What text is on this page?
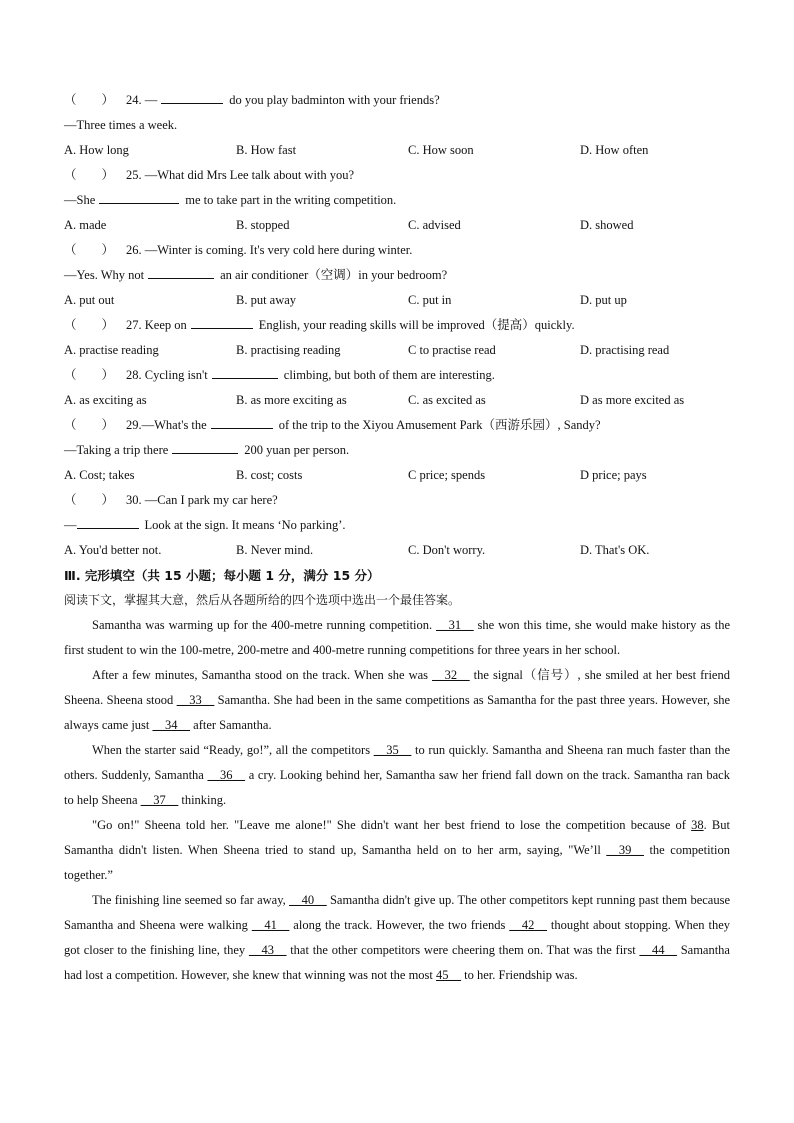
（　　） 24. —	do you play badminton with your friends?
—Three times a week.
A. How long	B. How fast	C. How soon	D. How often
（　　） 25. —What did Mrs Lee talk about with you?
—She	me to take part in the writing competition.
A. made	B. stopped	C. advised	D. showed
（　　） 26. —Winter is coming. It's very cold here during winter.
—Yes. Why not	an air conditioner（空调）in your bedroom?
A. put out	B. put away	C. put in	D. put up
（　　） 27. Keep on	English, your reading skills will be improved（提高）quickly.
A. practise reading	B. practising reading	C to practise read	D. practising read
（　　） 28. Cycling isn't	climbing, but both of them are interesting.
A. as exciting as	B. as more exciting as	C. as excited as	D as more excited as
（　　） 29.—What's the	of the trip to the Xiyou Amusement Park（西游乐园）, Sandy?
—Taking a trip there	200 yuan per person.
A. Cost; takes	B. cost; costs	C price; spends	D price; pays
（　　） 30. —Can I park my car here?
—	Look at the sign. It means ‘No parking’.
A. You'd better not.	B. Never mind.	C. Don't worry.	D. That's OK.
Ⅲ. 完形填空（共 15 小题；每小题 1 分，满分 15 分）
阅读下文，掌握其大意，然后从各题所给的四个选项中选出一个最佳答案。

Samantha was warming up for the 400-metre running competition. __31__ she won this time, she would make history as the first student to win the 100-metre, 200-metre and 400-metre running competitions for three years in her school.

After a few minutes, Samantha stood on the track. When she was __32__ the signal（信号）, she smiled at her best friend Sheena. Sheena stood __33__ Samantha. She had been in the same competitions as Samantha for the past three years. However, she always came just __34__ after Samantha.

When the starter said “Ready, go!”, all the competitors __35__ to run quickly. Samantha and Sheena ran much faster than the others. Suddenly, Samantha __36__ a cry. Looking behind her, Samantha saw her friend fall down on the track. Samantha ran back to help Sheena __37__ thinking.

"Go on!" Sheena told her. "Leave me alone!" She didn't want her best friend to lose the competition because of 38. But Samantha didn't listen. When Sheena tried to stand up, Samantha held on to her arm, saying, "We’ll __39__ the competition together.”

The finishing line seemed so far away, __40__ Samantha didn't give up. The other competitors kept running past them because Samantha and Sheena were walking __41__ along the track. However, the two friends __42__ thought about stopping. When they got closer to the finishing line, they __43__ that the other competitors were cheering them on. That was the first __44__ Samantha had lost a competition. However, she knew that winning was not the most 45__ to her. Friendship was.
